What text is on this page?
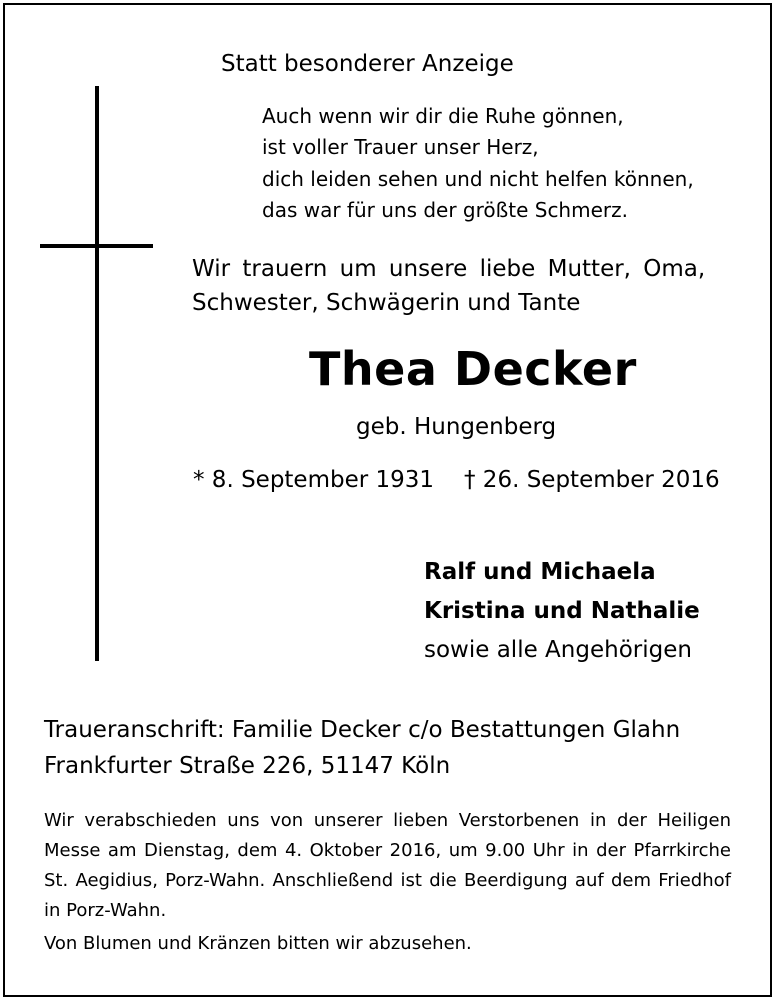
Statt besonderer Anzeige
Auch wenn wir dir die Ruhe gönnen,
ist voller Trauer unser Herz,
dich leiden sehen und nicht helfen können,
das war für uns der größte Schmerz.
Wir trauern um unsere liebe Mutter, Oma,
Schwester, Schwägerin und Tante
Thea Decker
geb. Hungenberg
* 8. September 1931 † 26. September 2016
Ralf und Michaela
Kristina und Nathalie
sowie alle Angehörigen
Traueranschrift: Familie Decker c/o Bestattungen Glahn
Frankfurter Straße 226, 51147 Köln
Wir verabschieden uns von unserer lieben Verstorbenen in der Heiligen Messe am Dienstag, dem 4. Oktober 2016, um 9.00 Uhr in der Pfarrkirche St. Aegidius, Porz-Wahn. Anschließend ist die Beerdigung auf dem Friedhof in Porz-Wahn.
Von Blumen und Kränzen bitten wir abzusehen.
